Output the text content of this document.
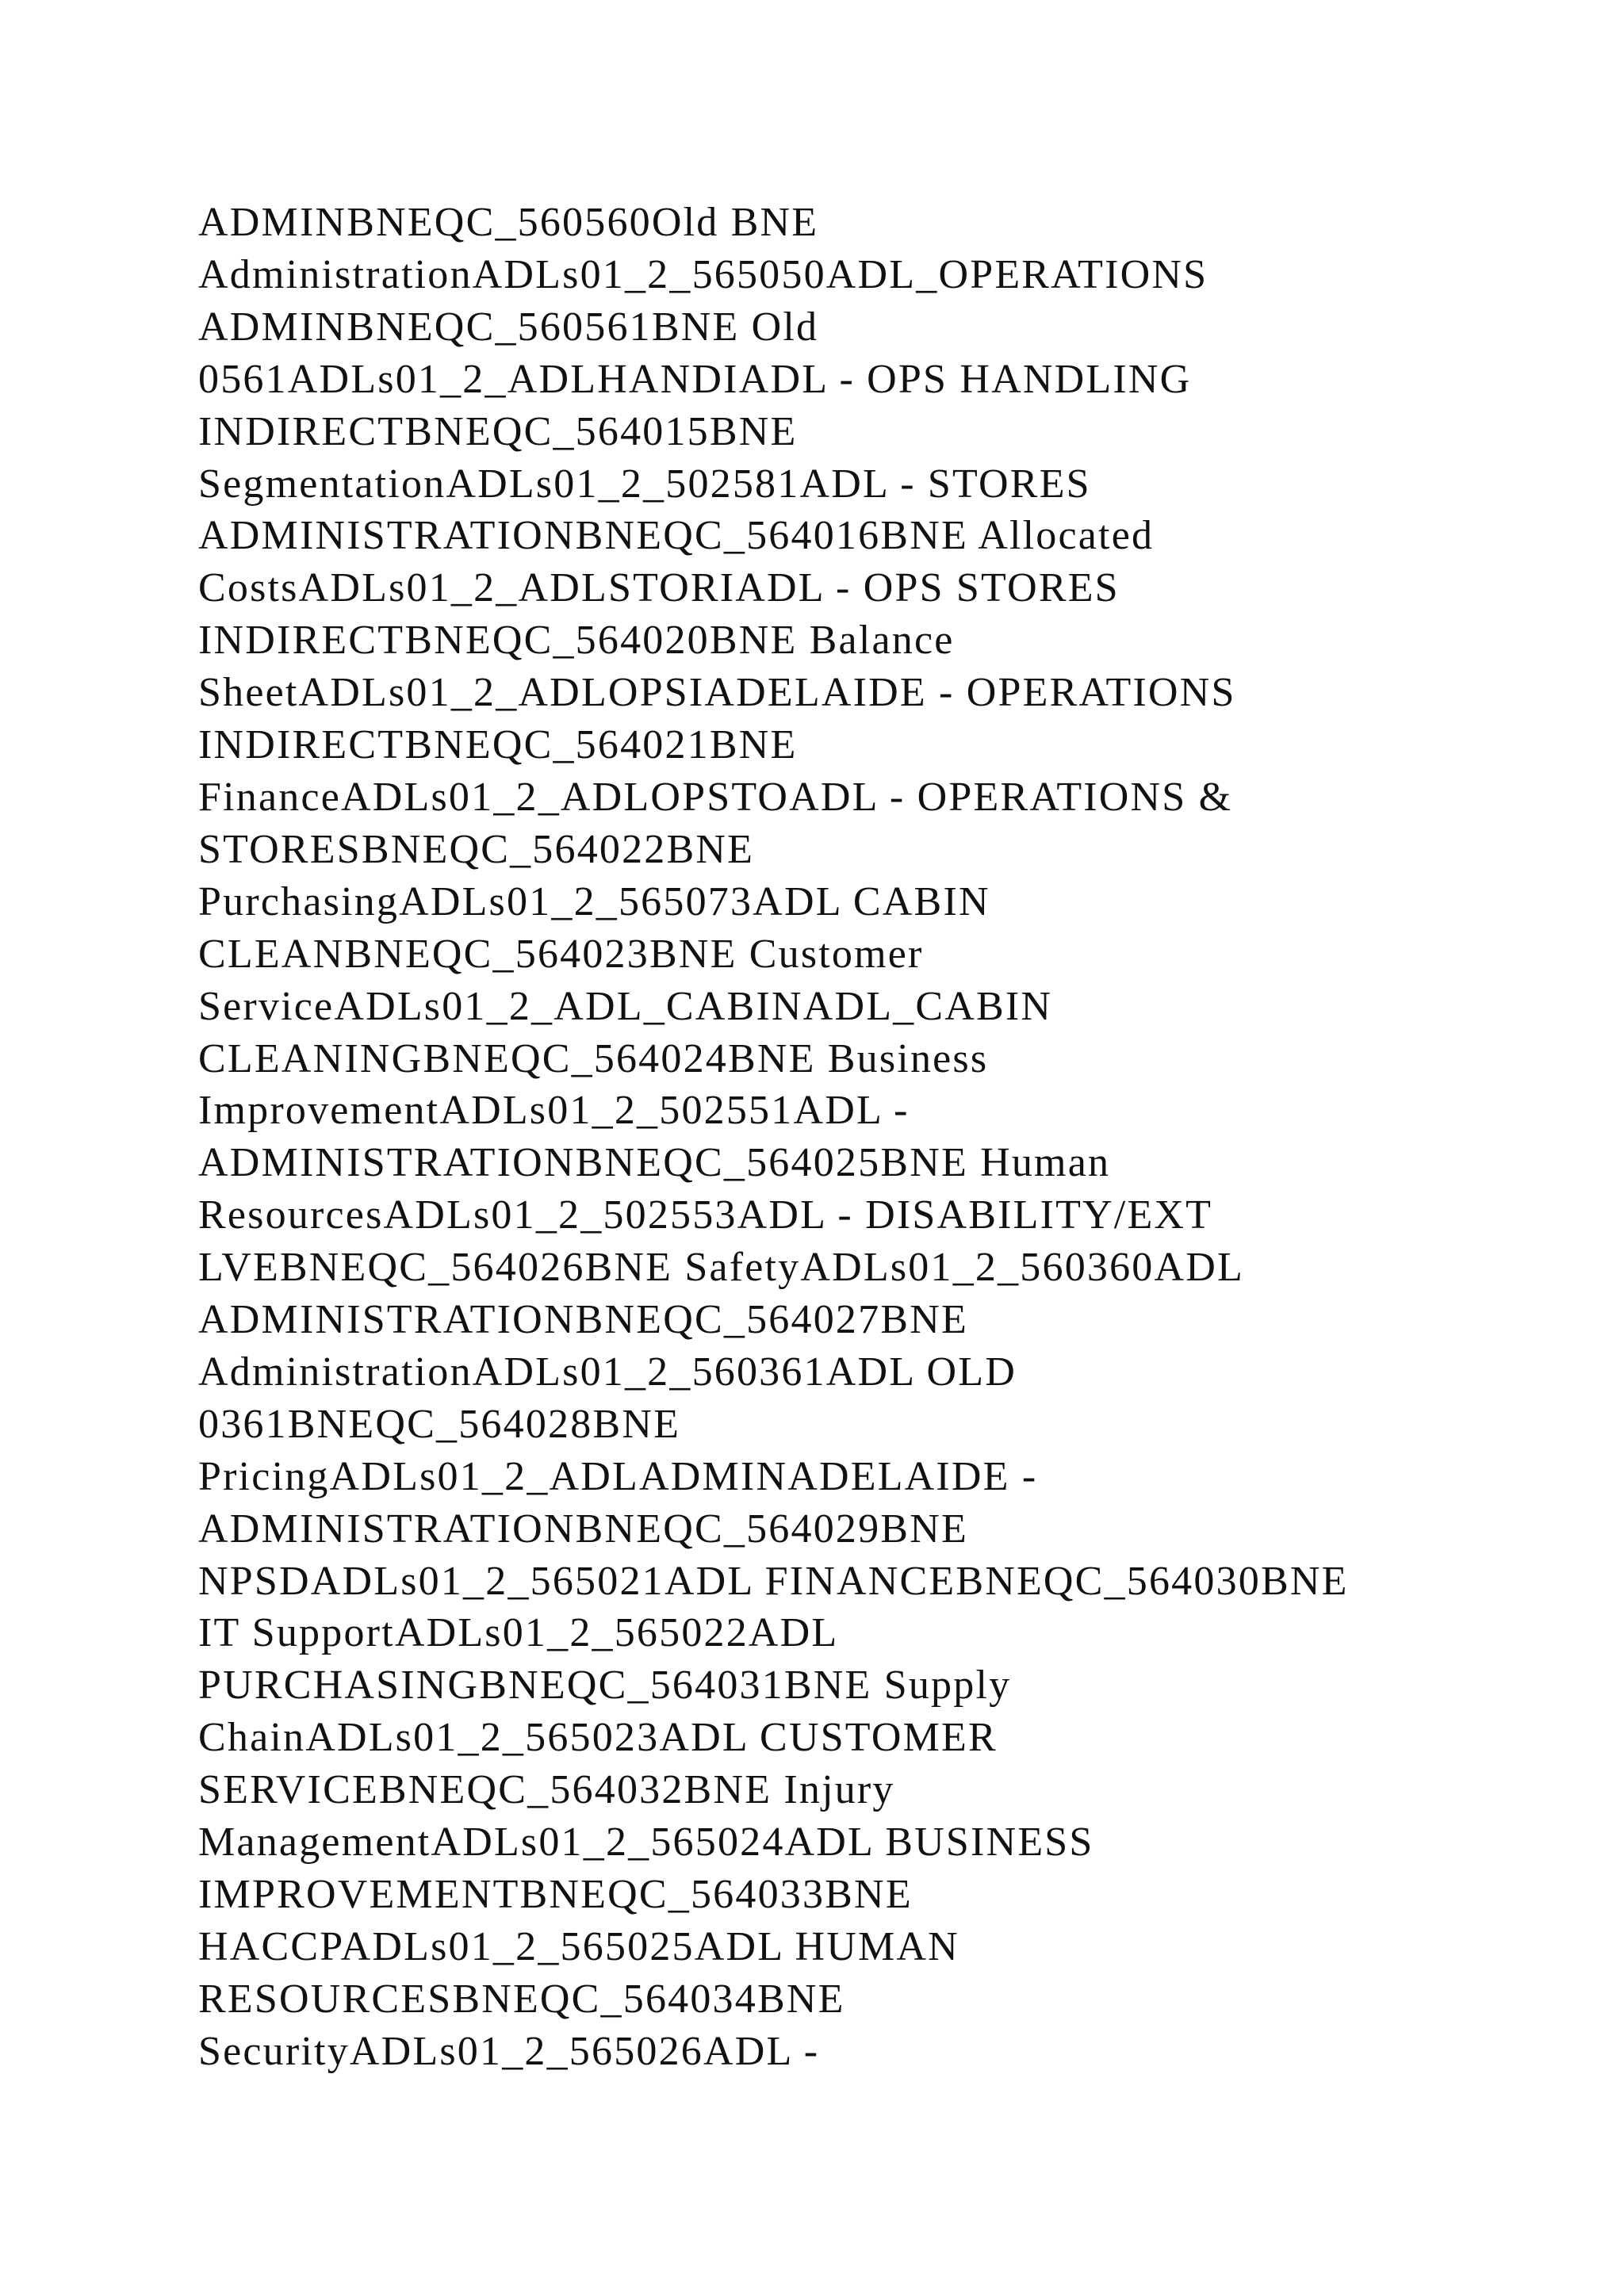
ADMINBNEQC_560560Old BNE
AdministrationADLs01_2_565050ADL_OPERATIONS
ADMINBNEQC_560561BNE Old
0561ADLs01_2_ADLHANDIADL - OPS HANDLING
INDIRECTBNEQC_564015BNE
SegmentationADLs01_2_502581ADL - STORES
ADMINISTRATIONBNEQC_564016BNE Allocated
CostsADLs01_2_ADLSTORIADL - OPS STORES
INDIRECTBNEQC_564020BNE Balance
SheetADLs01_2_ADLOPSIADELAIDE - OPERATIONS
INDIRECTBNEQC_564021BNE
FinanceADLs01_2_ADLOPSTOADL - OPERATIONS &
STORESBNEQC_564022BNE
PurchasingADLs01_2_565073ADL CABIN
CLEANBNEQC_564023BNE Customer
ServiceADLs01_2_ADL_CABINADL_CABIN
CLEANINGBNEQC_564024BNE Business
ImprovementADLs01_2_502551ADL -
ADMINISTRATIONBNEQC_564025BNE Human
ResourcesADLs01_2_502553ADL - DISABILITY/EXT
LVEBNEQC_564026BNE SafetyADLs01_2_560360ADL
ADMINISTRATIONBNEQC_564027BNE
AdministrationADLs01_2_560361ADL OLD
0361BNEQC_564028BNE
PricingADLs01_2_ADLADMINADELAIDE -
ADMINISTRATIONBNEQC_564029BNE
NPSDADLs01_2_565021ADL FINANCEBNEQC_564030BNE
IT SupportADLs01_2_565022ADL
PURCHASINGBNEQC_564031BNE Supply
ChainADLs01_2_565023ADL CUSTOMER
SERVICEBNEQC_564032BNE Injury
ManagementADLs01_2_565024ADL BUSINESS
IMPROVEMENTBNEQC_564033BNE
HACCPADLs01_2_565025ADL HUMAN
RESOURCESBNEQC_564034BNE
SecurityADLs01_2_565026ADL -
